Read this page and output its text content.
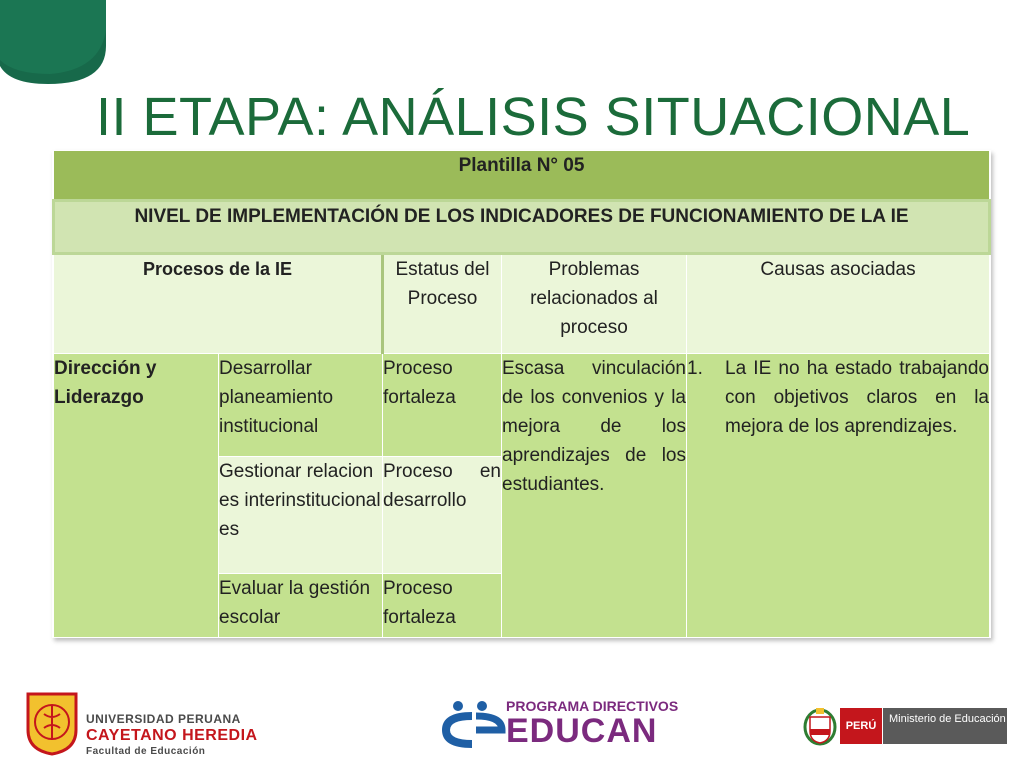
II ETAPA: ANÁLISIS SITUACIONAL
Plantilla N° 05				
NIVEL DE IMPLEMENTACIÓN DE LOS INDICADORES DE FUNCIONAMIENTO DE LA IE				
Procesos de la IE		Estatus del Proceso	Problemas relacionados al proceso	Causas asociadas
Dirección y Liderazgo	Desarrollar planeamiento institucional	Proceso fortaleza	Escasa vinculación de los convenios y la mejora de los aprendizajes de los estudiantes.	1. La IE no ha estado trabajando con objetivos claros en la mejora de los aprendizajes.

	Gestionar relaciones interinstitucionales	Proceso en desarrollo		
	Evaluar la gestión escolar	Proceso fortaleza		
UNIVERSIDAD PERUANA
CAYETANO HEREDIA
Facultad de Educación
PROGRAMA DIRECTIVOS
EDUCAN	PERÚ
Ministerio de Educación
